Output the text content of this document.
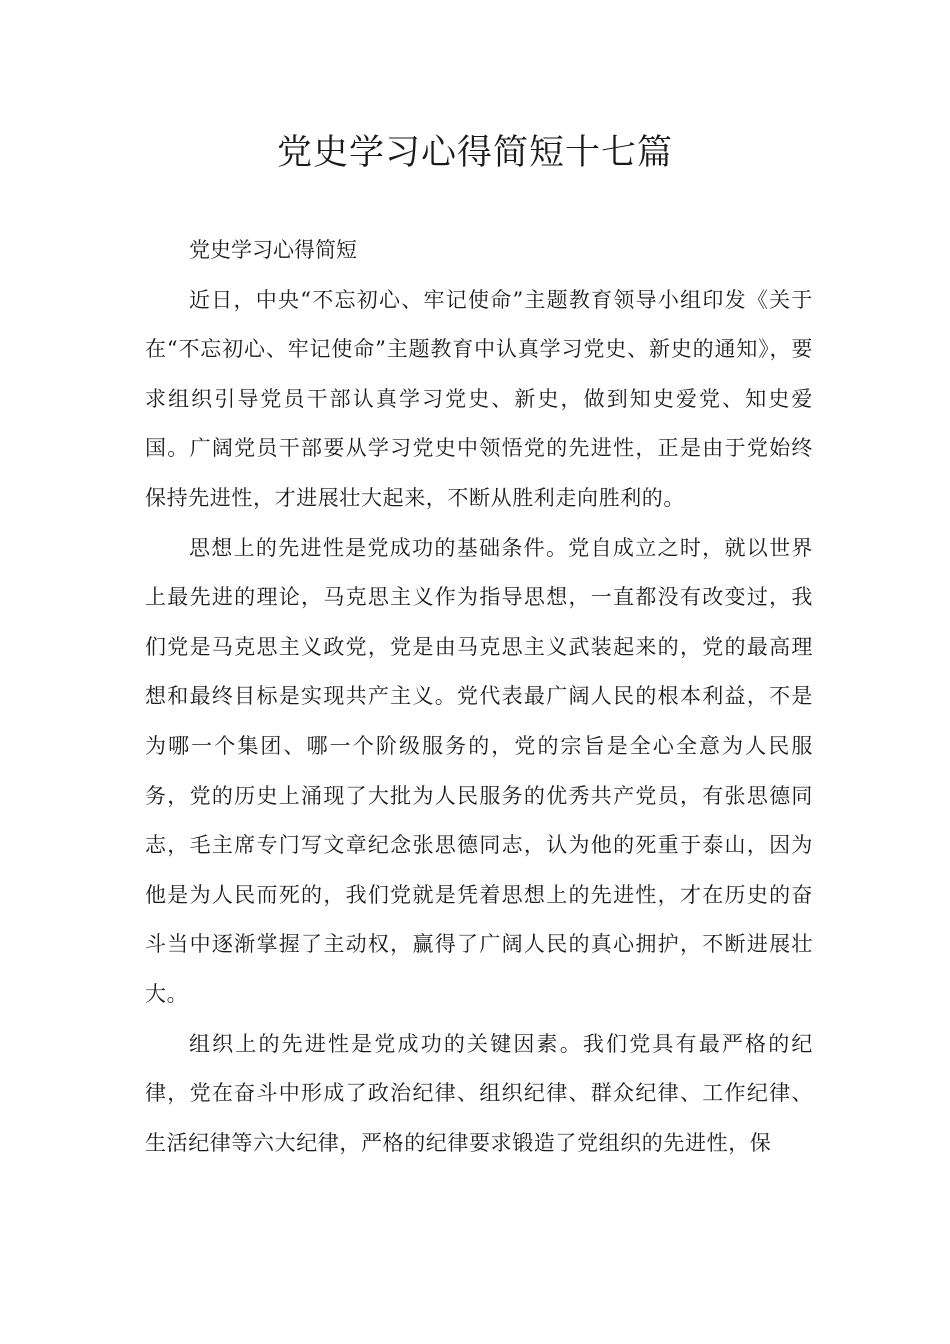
党史学习心得简短十七篇

党史学习心得简短

近日，中央“不忘初心、牢记使命”主题教育领导小组印发《关于在“不忘初心、牢记使命”主题教育中认真学习党史、新史的通知》，要求组织引导党员干部认真学习党史、新史，做到知史爱党、知史爱国。广阔党员干部要从学习党史中领悟党的先进性，正是由于党始终保持先进性，才进展壮大起来，不断从胜利走向胜利的。

思想上的先进性是党成功的基础条件。党自成立之时，就以世界上最先进的理论，马克思主义作为指导思想，一直都没有改变过，我们党是马克思主义政党，党是由马克思主义武装起来的，党的最高理想和最终目标是实现共产主义。党代表最广阔人民的根本利益，不是为哪一个集团、哪一个阶级服务的，党的宗旨是全心全意为人民服务，党的历史上涌现了大批为人民服务的优秀共产党员，有张思德同志，毛主席专门写文章纪念张思德同志，认为他的死重于泰山，因为他是为人民而死的，我们党就是凭着思想上的先进性，才在历史的奋斗当中逐渐掌握了主动权，赢得了广阔人民的真心拥护，不断进展壮大。

组织上的先进性是党成功的关键因素。我们党具有最严格的纪律，党在奋斗中形成了政治纪律、组织纪律、群众纪律、工作纪律、生活纪律等六大纪律，严格的纪律要求锻造了党组织的先进性，保
